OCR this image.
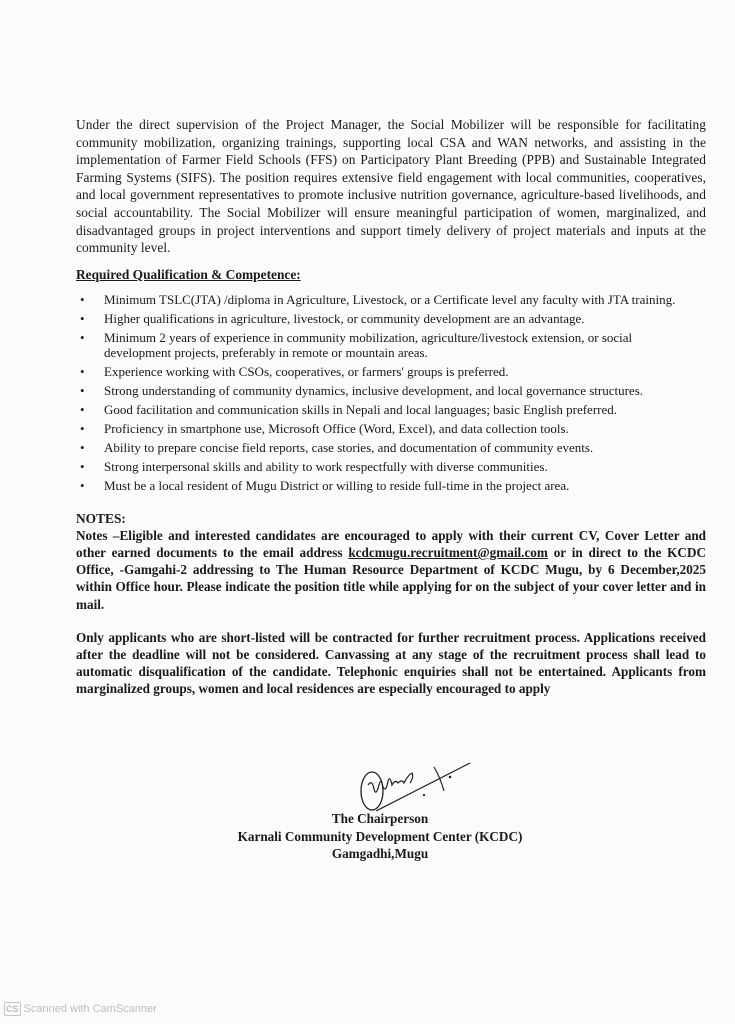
Under the direct supervision of the Project Manager, the Social Mobilizer will be responsible for facilitating community mobilization, organizing trainings, supporting local CSA and WAN networks, and assisting in the implementation of Farmer Field Schools (FFS) on Participatory Plant Breeding (PPB) and Sustainable Integrated Farming Systems (SIFS). The position requires extensive field engagement with local communities, cooperatives, and local government representatives to promote inclusive nutrition governance, agriculture-based livelihoods, and social accountability. The Social Mobilizer will ensure meaningful participation of women, marginalized, and disadvantaged groups in project interventions and support timely delivery of project materials and inputs at the community level.

Required Qualification & Competence:
• Minimum TSLC(JTA) /diploma in Agriculture, Livestock, or a Certificate level any faculty with JTA training.
• Higher qualifications in agriculture, livestock, or community development are an advantage.
• Minimum 2 years of experience in community mobilization, agriculture/livestock extension, or social development projects, preferably in remote or mountain areas.
• Experience working with CSOs, cooperatives, or farmers' groups is preferred.
• Strong understanding of community dynamics, inclusive development, and local governance structures.
• Good facilitation and communication skills in Nepali and local languages; basic English preferred.
• Proficiency in smartphone use, Microsoft Office (Word, Excel), and data collection tools.
• Ability to prepare concise field reports, case stories, and documentation of community events.
• Strong interpersonal skills and ability to work respectfully with diverse communities.
• Must be a local resident of Mugu District or willing to reside full-time in the project area.
NOTES:

Notes –Eligible and interested candidates are encouraged to apply with their current CV, Cover Letter and other earned documents to the email address kcdcmugu.recruitment@gmail.com or in direct to the KCDC Office, -Gamgahi-2 addressing to The Human Resource Department of KCDC Mugu, by 6 December,2025 within Office hour. Please indicate the position title while applying for on the subject of your cover letter and in mail.

Only applicants who are short-listed will be contracted for further recruitment process. Applications received after the deadline will not be considered. Canvassing at any stage of the recruitment process shall lead to automatic disqualification of the candidate. Telephonic enquiries shall not be entertained. Applicants from marginalized groups, women and local residences are especially encouraged to apply

The Chairperson
Karnali Community Development Center (KCDC)
Gamgadhi,Mugu
CS Scanned with CamScanner
